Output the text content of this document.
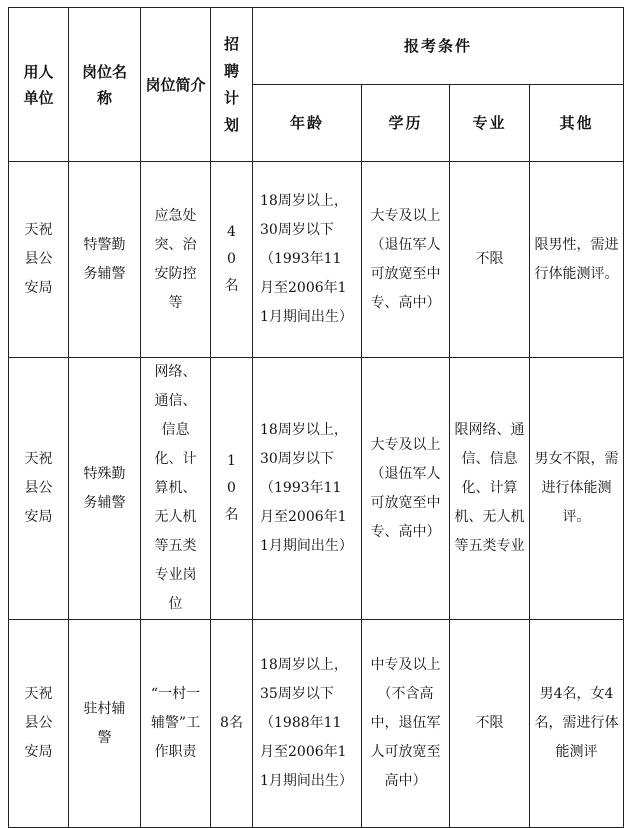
用人单位	岗位名称	岗位简介	招聘计划	报考条件			
				年龄	学历	专业	其他

天祝县公安局	特警勤务辅警	应急处突、治安防控等	40名	18周岁以上，30周岁以下（1993年11月至2006年11月期间出生）	大专及以上（退伍军人可放宽至中专、高中）	不限	限男性，需进行体能测评。

天祝县公安局	特殊勤务辅警	网络、通信、信息化、计算机、无人机等五类专业岗位	10名	18周岁以上，30周岁以下（1993年11月至2006年11月期间出生）	大专及以上（退伍军人可放宽至中专、高中）	限网络、通信、信息化、计算机、无人机等五类专业	男女不限，需进行体能测评。

天祝县公安局	驻村辅警	“一村一辅警”工作职责	8名	18周岁以上，35周岁以下（1988年11月至2006年11月期间出生）	中专及以上（不含高中，退伍军人可放宽至高中）	不限	男4名，女4名，需进行体能测评
